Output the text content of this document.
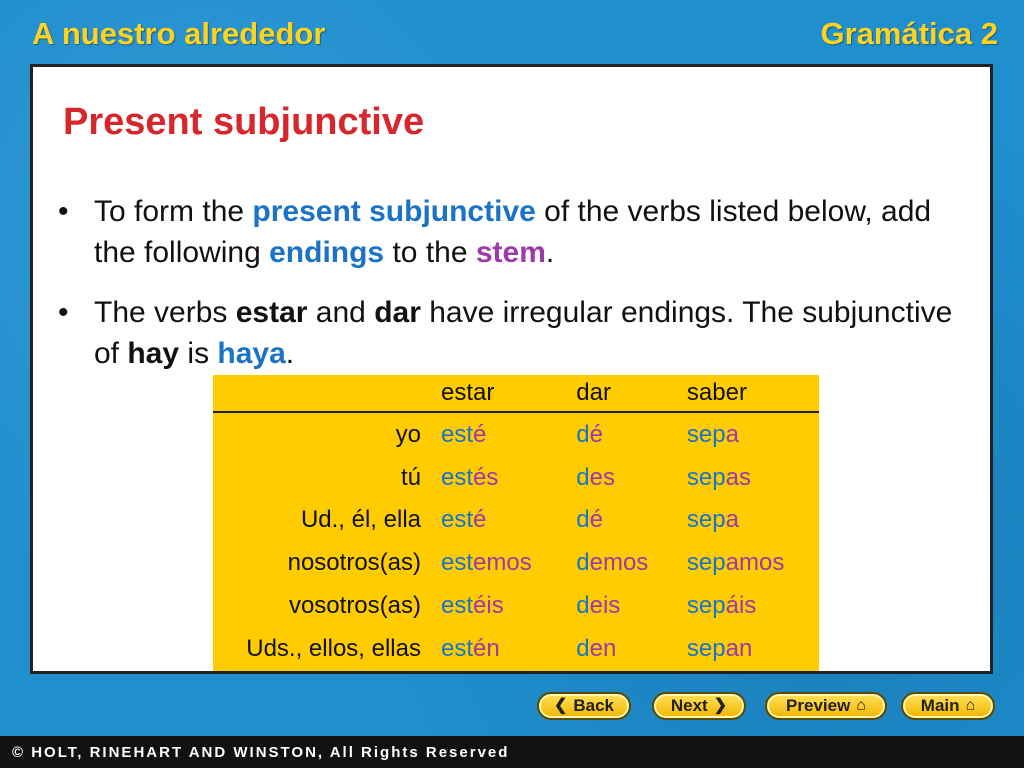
A nuestro alrededor	Gramática 2
Present subjunctive

• To form the present subjunctive of the verbs listed below, add the following endings to the stem.

• The verbs estar and dar have irregular endings. The subjunctive of hay is haya.

	estar	dar	saber
yo	esté	dé	sepa
tú	estés	des	sepas
Ud., él, ella	esté	dé	sepa
nosotros(as)	estemos	demos	sepamos
vosotros(as)	estéis	deis	sepáis
Uds., ellos, ellas	estén	den	sepan
❮ Back	Next ❯	Preview ⌂	Main ⌂
© HOLT, RINEHART AND WINSTON, All Rights Reserved
